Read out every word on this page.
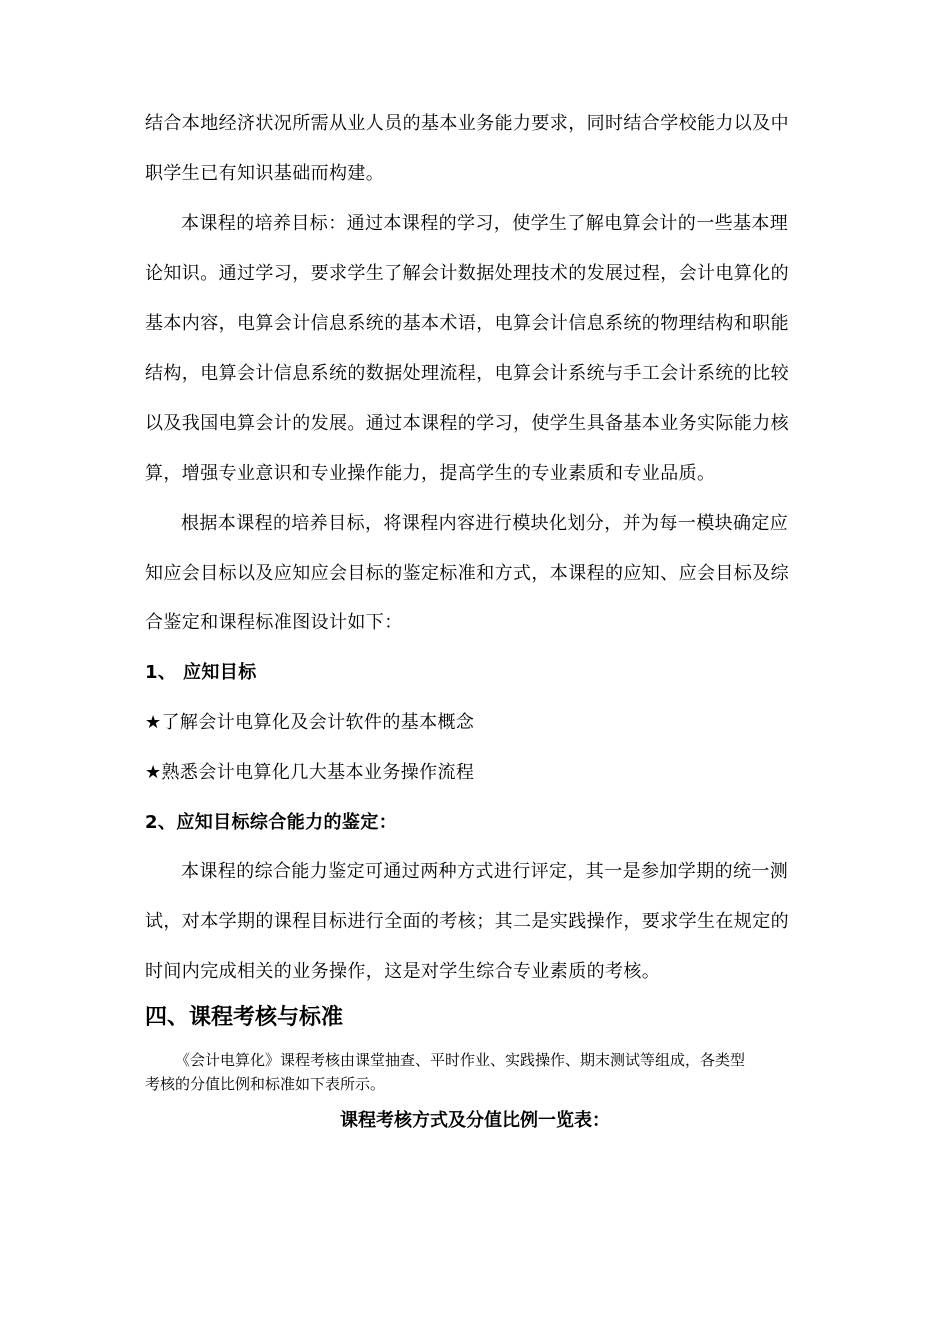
结合本地经济状况所需从业人员的基本业务能力要求，同时结合学校能力以及中
职学生已有知识基础而构建。
本课程的培养目标：通过本课程的学习，使学生了解电算会计的一些基本理
论知识。通过学习，要求学生了解会计数据处理技术的发展过程，会计电算化的
基本内容，电算会计信息系统的基本术语，电算会计信息系统的物理结构和职能
结构，电算会计信息系统的数据处理流程，电算会计系统与手工会计系统的比较
以及我国电算会计的发展。通过本课程的学习，使学生具备基本业务实际能力核
算，增强专业意识和专业操作能力，提高学生的专业素质和专业品质。
根据本课程的培养目标，将课程内容进行模块化划分，并为每一模块确定应
知应会目标以及应知应会目标的鉴定标准和方式，本课程的应知、应会目标及综
合鉴定和课程标准图设计如下：
1、 应知目标
★了解会计电算化及会计软件的基本概念
★熟悉会计电算化几大基本业务操作流程
2、应知目标综合能力的鉴定：
本课程的综合能力鉴定可通过两种方式进行评定，其一是参加学期的统一测
试，对本学期的课程目标进行全面的考核；其二是实践操作，要求学生在规定的
时间内完成相关的业务操作，这是对学生综合专业素质的考核。
四、课程考核与标准
《会计电算化》课程考核由课堂抽查、平时作业、实践操作、期末测试等组成，各类型
考核的分值比例和标准如下表所示。
课程考核方式及分值比例一览表：
